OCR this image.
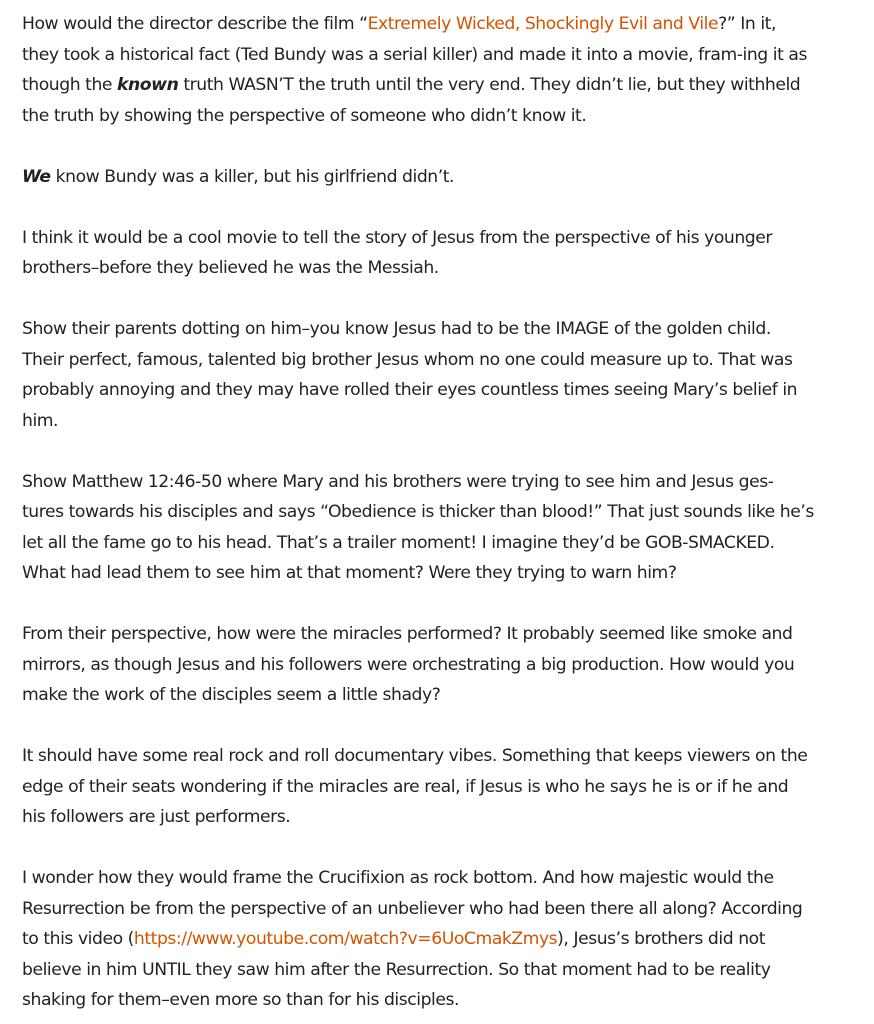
How would the director describe the film “Extremely Wicked, Shockingly Evil and Vile?” In it, they took a historical fact (Ted Bundy was a serial killer) and made it into a movie, fram-ing it as though the known truth WASN’T the truth until the very end. They didn’t lie, but they withheld the truth by showing the perspective of someone who didn’t know it.

We know Bundy was a killer, but his girlfriend didn’t.

I think it would be a cool movie to tell the story of Jesus from the perspective of his younger brothers–before they believed he was the Messiah.

Show their parents dotting on him–you know Jesus had to be the IMAGE of the golden child. Their perfect, famous, talented big brother Jesus whom no one could measure up to. That was probably annoying and they may have rolled their eyes countless times seeing Mary’s belief in him.

Show Matthew 12:46-50 where Mary and his brothers were trying to see him and Jesus ges-tures towards his disciples and says “Obedience is thicker than blood!” That just sounds like he’s let all the fame go to his head. That’s a trailer moment! I imagine they’d be GOB-SMACKED. What had lead them to see him at that moment? Were they trying to warn him?

From their perspective, how were the miracles performed? It probably seemed like smoke and mirrors, as though Jesus and his followers were orchestrating a big production. How would you make the work of the disciples seem a little shady?

It should have some real rock and roll documentary vibes. Something that keeps viewers on the edge of their seats wondering if the miracles are real, if Jesus is who he says he is or if he and his followers are just performers.

I wonder how they would frame the Crucifixion as rock bottom. And how majestic would the Resurrection be from the perspective of an unbeliever who had been there all along? According to this video (https://www.youtube.com/watch?v=6UoCmakZmys), Jesus’s brothers did not believe in him UNTIL they saw him after the Resurrection. So that moment had to be reality shaking for them–even more so than for his disciples.
